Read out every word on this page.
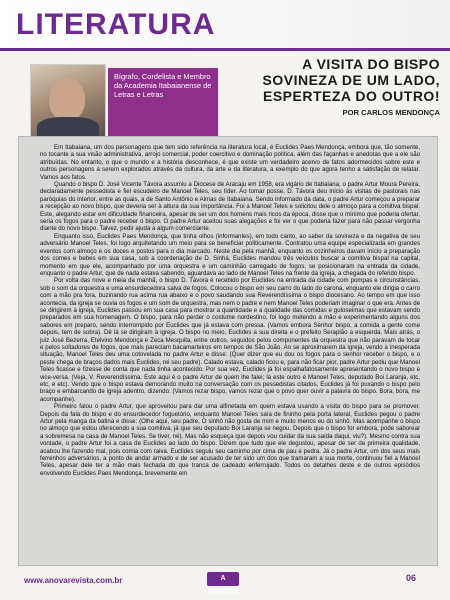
LITERATURA
Bígrafo, Cordelista e Membro da Academia Itabaianense de Letras e Letras
A VISITA DO BISPO SOVINEZA DE UM LADO, ESPERTEZA DO OUTRO!
POR CARLOS MENDONÇA

Em Itabaiana, um dos personagens que tem sido referência na literatura local, é Euclides Paes Mendonça, embora que, tão somente, no tocante a sua visão administrativa, arrojo comercial, poder coercitivo e dominação política, além das façanhas e anedotas que a ele são atribuídas. No entanto, o que o mundo e a história desconhece, é que existe um verdadeiro acervo de fatos adormecidos sobre este e outros personagens a serem explorados através da cultura, da arte e da literatura, a exemplo do que agora tenho a satisfação de relatar. Vamos aos fatos.

Quando o bispo D. José Vicente Távora assumiu a Diocese de Aracaju em 1958, era vigário de Itabaiana, o padre Artur Moura Pereira, declaradamente pessedista e fiel escudeiro de Manoel Teles, seu líder. Ao tomar posse, D. Távora deu início às visitas de pastorais nas paróquias do interior, entre as quais, a de Santo Antônio e Almas de Itabaiana. Sendo informado da data, o padre Artur começou a preparar a recepção ao novo bispo, que deveria ser à altura da sua importância. Foi a Manoel Teles e solicitou dele o almoço para a comitiva bispal. Este, alegando estar em dificuldade financeira, apesar de ser um dos homens mais ricos da época, disse que o mínimo que poderia ofertar, seria os fogos para o padre receber o bispo. O padre Artur aceitou suas alegações e foi ver o que poderia fazer para não passar vergonha diante do novo bispo. Talvez, pedir ajuda a algum comerciante.

Enquanto isso, Euclides Paes Mendonça, que tinha olhos (informantes), em todo canto, ao saber da sovineza e da negativa de seu adversário Manoel Teles, foi logo arquitetando um meio para se beneficiar politicamente. Contratou uma equipe especializada em grandes eventos com almoço e os doces e postos para o dia marcado. Neste dia pela manhã, enquanto os cozinheiros davam início a preparação dos comes e bebes em sua casa, sob a coordenação de D. Sinhá, Euclides mandou três veículos buscar a comitiva bispal na capital, momento em que ele, acompanhado por uma orquestra e um caminhão carregado de fogos, se posicionaram na entrada da cidade, enquanto o padre Artur, que de nada estava sabendo, aguardava ao lado de Manoel Teles na frente da igreja, a chegada do referido bispo.

Por volta das nove e meia da manhã, o bispo D. Távora é recebido por Euclides na entrada da cidade com pompas e circunstâncias, sob o som da orquestra e uma ensurdecedora salva de fogos. Colocou o bispo em seu carro do lado do carona, enquanto ele dirigia o carro com a mão pra fora, buzinando rua acima rua abaixo e o povo saudando sua Reverendíssima o bispo diocesano. Ao tempo em que isso acontecia, da igreja se ouvia os fogos e um som de orquestra, mas nem o padre e nem Manoel Teles poderiam imaginar o que era. Antes de se dirigirem à igreja, Euclides passou em sua casa para mostrar a quantidade e a qualidade das comidas e guloseimas que estavam sendo preparados em sua homenagem. O bispo, para não perder o costume nordestino, foi logo metendo a mão e experimentando alguns dos sabores em preparo, sendo interrompido por Euclides que já estava com pressa. (Vamos embora Senhor bispo, a comida a gente come depois, tem de sobra). Dê lá se dirigiram à igreja. O bispo no meio, Euclides a sua direita e o prefeito Serapião a esquerda. Mais atrás, o juiz José Bezerra, Etelvino Mendonça e Zeca Mesquita, entre outros, seguidos pelos componentes da orquestra que não paravam de tocar e pelos soltadores de fogos, que mais pareciam bacamarteiros em tempos de São João. Ao se aproximarem da igreja, vendo a inesperada situação, Manoel Teles deu uma cotovelada no padre Artur e disse: (Quer dizer que eu dou os fogos para o senhor receber o bispo, e o peste chega de braços dados mais Euclides, né seu padre). Calado estava, calado ficou e, para não ficar pior, padre Artur pediu que Manoel Teles ficasse e fizesse de conta que nada tinha acontecido. Por sua vez, Euclides já foi espalhafatosamente apresentando o novo bispo e vice-versa. (Veja, V. Reverendíssima. Este aqui é o padre Artur de quem lhe falei; lá este outro é Manoel Teles, deputado Boi Laranja, etc, etc, e etc). Vendo que o bispo estava demorando muito na conversação com os pessedistas citados, Euclides já foi puxando o bispo pelo braço e embarcando de igreja adentro, dizendo: (Vamos rezar bispo, vamos rezar que o povo quer ouvir a palavra do bispo. Bora, bora, me acompanhe).

Primeiro falou o padre Artur, que aproveitou para dar uma alfinetada em quem estava usando a visita do bispo para se promover. Depois da fala do bispo e do ensurdecedor foguetório, enquanto Manoel Teles saía de fininho pela porta lateral, Euclides pegou o padre Artur pela manga da batina e disse: (Olhe aqui, seu padre, O sinhô não gosta de mim e muito menos eu do sinhô. Mas acompanhe o bispo no almoço que estou oferecendo a sua comitiva, já que seu deputado Boi Laranja se negou. Depois que o bispo for embora, pode saborear a sobremesa na casa de Manoel Teles. Se tiver, né). Mas não esqueça que depois vou cuidar da sua saída daqui, viu?). Mesmo contra sua vontade, o padre Artur foi a casa de Euclides ao lado do bispo. Dizem que tudo que ele degustou, apesar de ser de primeira qualidade, acabou lhe fazendo mal, pois comia com raiva. Euclides seguiu seu caminho por cima de pau e pedra. Já o padre Artur, um dos seus mais ferrenhos adversários, a ponto de andar armado e de ser acusado de ter sido um dos que tramaram a sua morte, continuou fiel a Manoel Teles, apesar dele ter a mão mais fechada do que tranca de cadeado enferrujado. Todos os detalhes deste e de outros episódios envolvendo Euclides Paes Mendonça, brevemente em

www.anovarevista.com.br	A REVISTA
06
